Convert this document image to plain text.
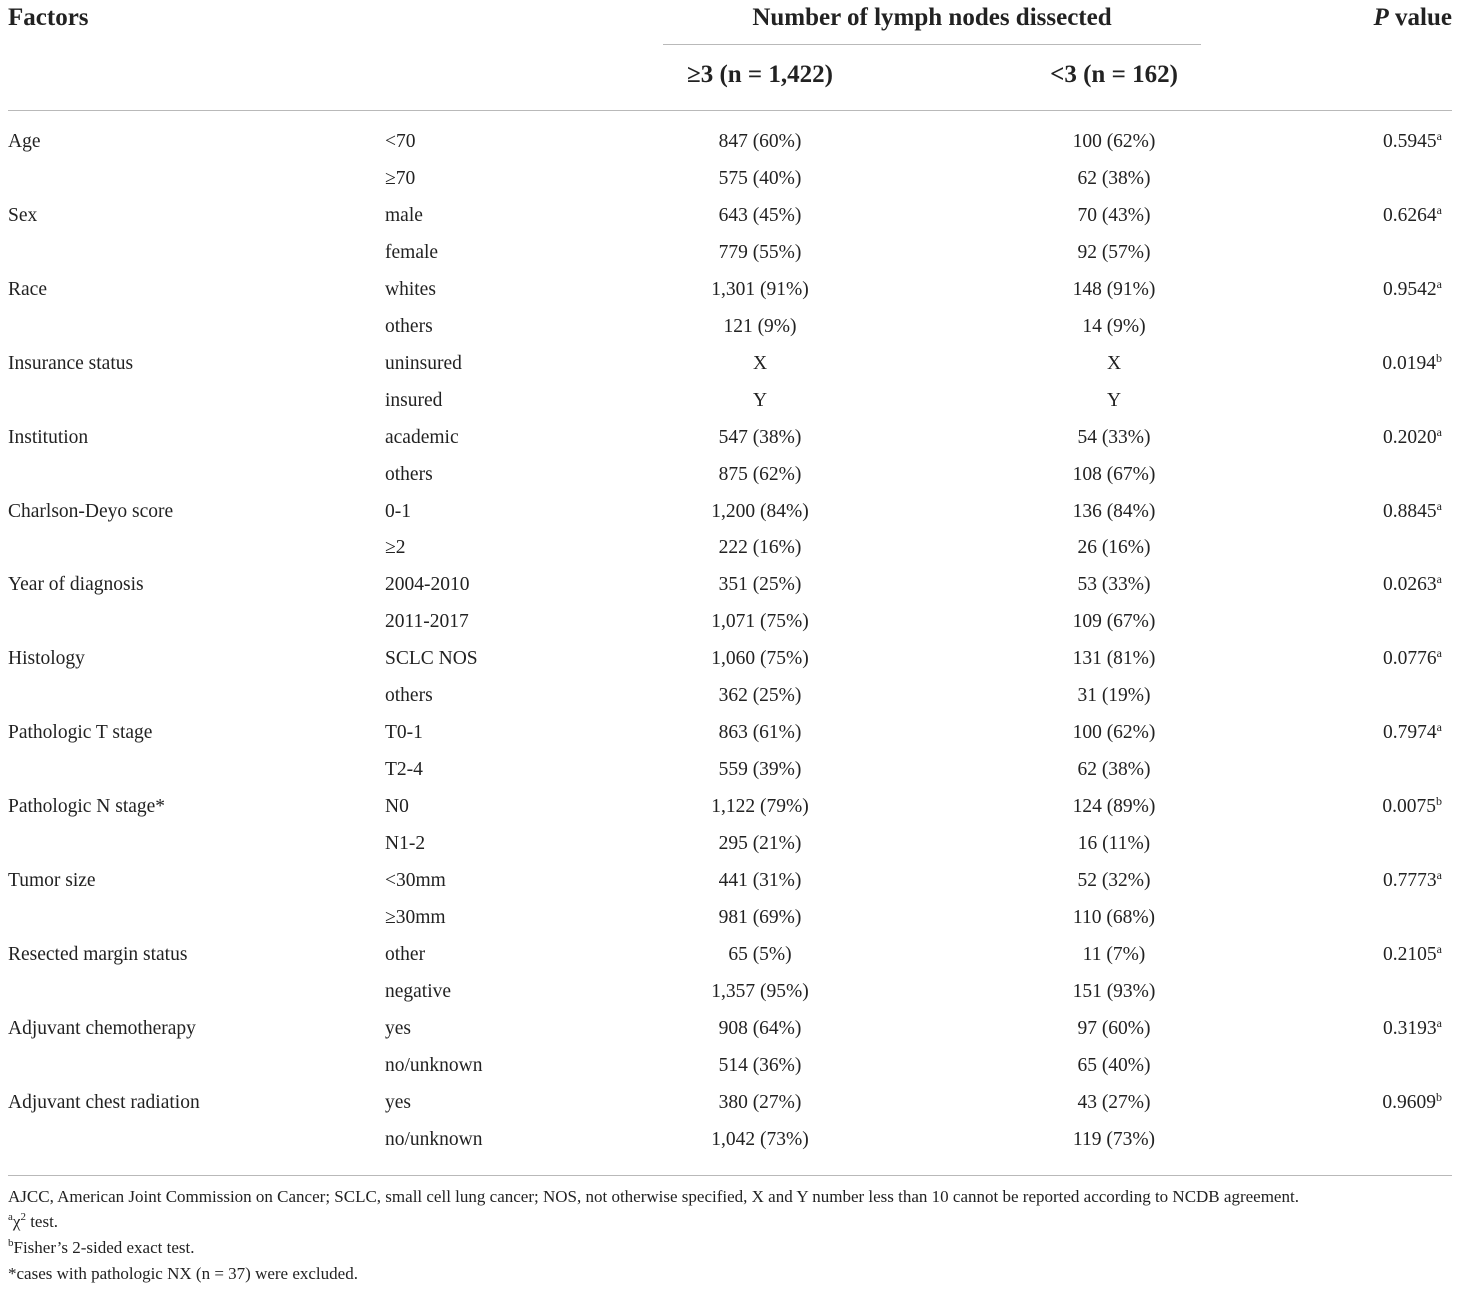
Factors	Number of lymph nodes dissected	P value
≥3 (n = 1,422)	<3 (n = 162)
Age	<70	847 (60%)	100 (62%)	0.5945$^a$
≥70	575 (40%)	62 (38%)
Sex	male	643 (45%)	70 (43%)	0.6264$^a$
female	779 (55%)	92 (57%)
Race	whites	1,301 (91%)	148 (91%)	0.9542$^a$
others	121 (9%)	14 (9%)
Insurance status	uninsured	X	X	0.0194$^b$
insured	Y	Y
Institution	academic	547 (38%)	54 (33%)	0.2020$^a$
others	875 (62%)	108 (67%)
Charlson-Deyo score	0-1	1,200 (84%)	136 (84%)	0.8845$^a$
≥2	222 (16%)	26 (16%)
Year of diagnosis	2004-2010	351 (25%)	53 (33%)	0.0263$^a$
2011-2017	1,071 (75%)	109 (67%)
Histology	SCLC NOS	1,060 (75%)	131 (81%)	0.0776$^a$
others	362 (25%)	31 (19%)
Pathologic T stage	T0-1	863 (61%)	100 (62%)	0.7974$^a$
T2-4	559 (39%)	62 (38%)
Pathologic N stage*	N0	1,122 (79%)	124 (89%)	0.0075$^b$
N1-2	295 (21%)	16 (11%)
Tumor size	<30mm	441 (31%)	52 (32%)	0.7773$^a$
≥30mm	981 (69%)	110 (68%)
Resected margin status	other	65 (5%)	11 (7%)	0.2105$^a$
negative	1,357 (95%)	151 (93%)
Adjuvant chemotherapy	yes	908 (64%)	97 (60%)	0.3193$^a$
no/unknown	514 (36%)	65 (40%)
Adjuvant chest radiation	yes	380 (27%)	43 (27%)	0.9609$^b$
no/unknown	1,042 (73%)	119 (73%)
AJCC, American Joint Commission on Cancer; SCLC, small cell lung cancer; NOS, not otherwise specified, X and Y number less than 10 cannot be reported according to NCDB agreement.
$^a\chi^2$ test.
$^b$Fisher’s 2-sided exact test.
*cases with pathologic NX (n = 37) were excluded.
